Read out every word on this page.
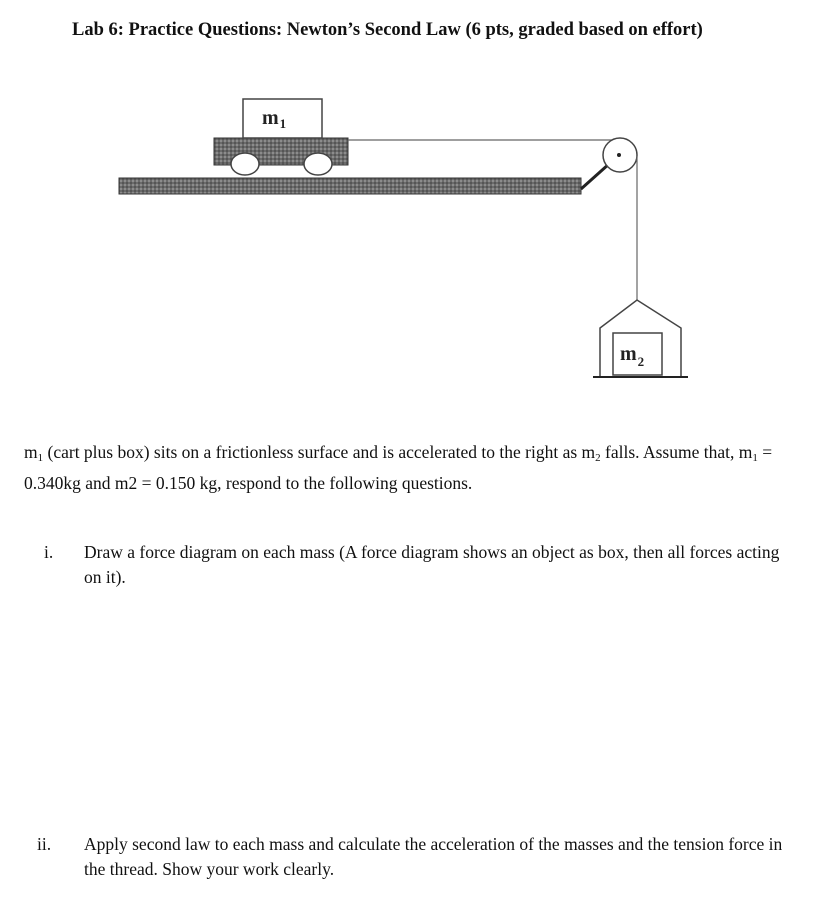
Lab 6: Practice Questions: Newton’s Second Law (6 pts, graded based on effort)
$m_1$
$m_2$
$m_1$ (cart plus box) sits on a frictionless surface and is accelerated to the right as $m_2$ falls. Assume that, $m_1 = 0.340kg$ and m2 = 0.150 kg, respond to the following questions.
i. Draw a force diagram on each mass (A force diagram shows an object as box, then all forces acting on it).
ii. Apply second law to each mass and calculate the acceleration of the masses and the tension force in the thread. Show your work clearly.
